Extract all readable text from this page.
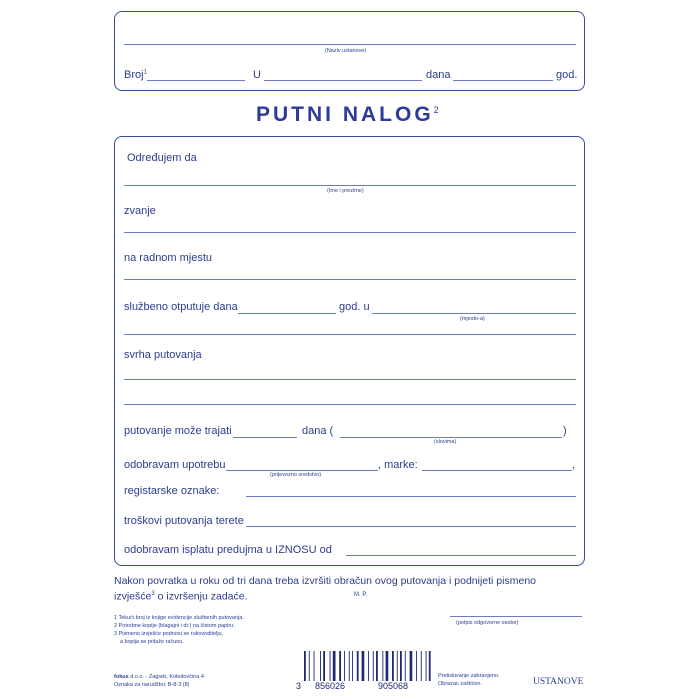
(Naziv ustanove)
Broj$^1$	U	dana	god.
PUTNI NALOG$^2$
Određujem da
(Ime i prezime)
zvanje
na radnom mjestu
službeno otputuje dana	god. u
(mjesto-a)
svrha putovanja
putovanje može trajati	dana (	)
(slovima)
odobravam upotrebu
(prijevozno sredstvo)
, marke:	,
registarske oznake:
troškovi putovanja terete
odobravam isplatu predujma u IZNOSU od
Nakon povratka u roku od tri dana treba izvršiti obračun ovog putovanja i podnijeti pismeno
izvješće$^3$ o izvršenju zadaće.	M. P.
1 Tekući broj iz knjige evidencije službenih putovanja.
2 Potrebne kopije (blagajni i dr.) na čistom papiru.
3 Pismeno izvješće podnosi se rukovoditelju,
a kopija se prilaže računu.
(potpis odgovorne osobe)
fokus d.o.o. - Zagreb, Koledovčina 4
Oznaka za narudžbu: B-8-3 (8)	3 856026	905068
Pretiskivanje zabranjeno.
Obrazac zaštićen.	USTANOVE
